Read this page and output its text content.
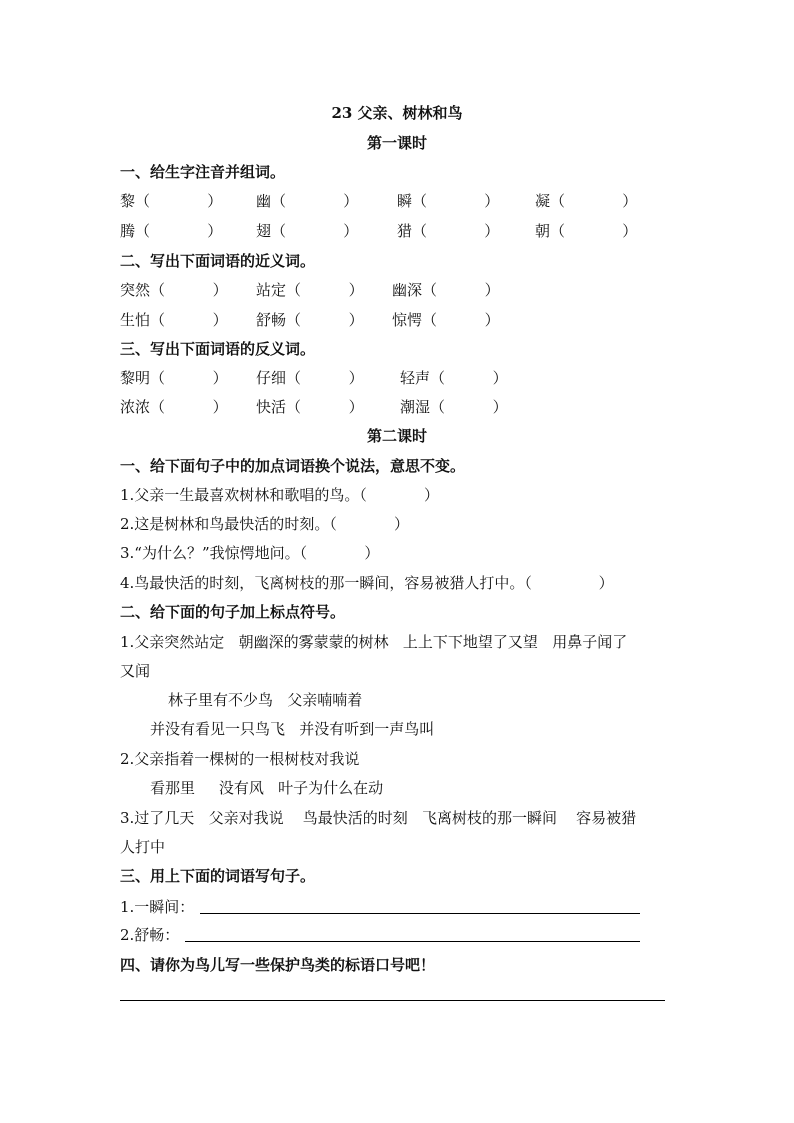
23 父亲、树林和鸟
第一课时
一、给生字注音并组词。
黎（            ） 幽（            ）	瞬（            ） 凝（            ）
腾（            ） 翅（            ）	猎（            ） 朝（            ）
二、写出下面词语的近义词。
突然（          ） 站定（          ） 幽深（          ）
生怕（          ） 舒畅（          ） 惊愕（          ）
三、写出下面词语的反义词。
黎明（          ） 仔细（          ） 轻声（          ）
浓浓（          ） 快活（          ） 潮湿（          ）
第二课时
一、给下面句子中的加点词语换个说法，意思不变。
1.父亲一生最喜欢树林和歌唱的鸟。（            ）
2.这是树林和鸟最快活的时刻。（            ）
3.“为什么？”我惊愕地问。（            ）
4.鸟最快活的时刻，飞离树枝的那一瞬间，容易被猎人打中。（              ）
二、给下面的句子加上标点符号。
1.父亲突然站定   朝幽深的雾蒙蒙的树林   上上下下地望了又望   用鼻子闻了
又闻
林子里有不少鸟   父亲喃喃着
并没有看见一只鸟飞   并没有听到一声鸟叫
2.父亲指着一棵树的一根树枝对我说
看那里     没有风   叶子为什么在动
3.过了几天   父亲对我说    鸟最快活的时刻   飞离树枝的那一瞬间    容易被猎
人打中
三、用上下面的词语写句子。
1.一瞬间：
2.舒畅：
四、请你为鸟儿写一些保护鸟类的标语口号吧！
